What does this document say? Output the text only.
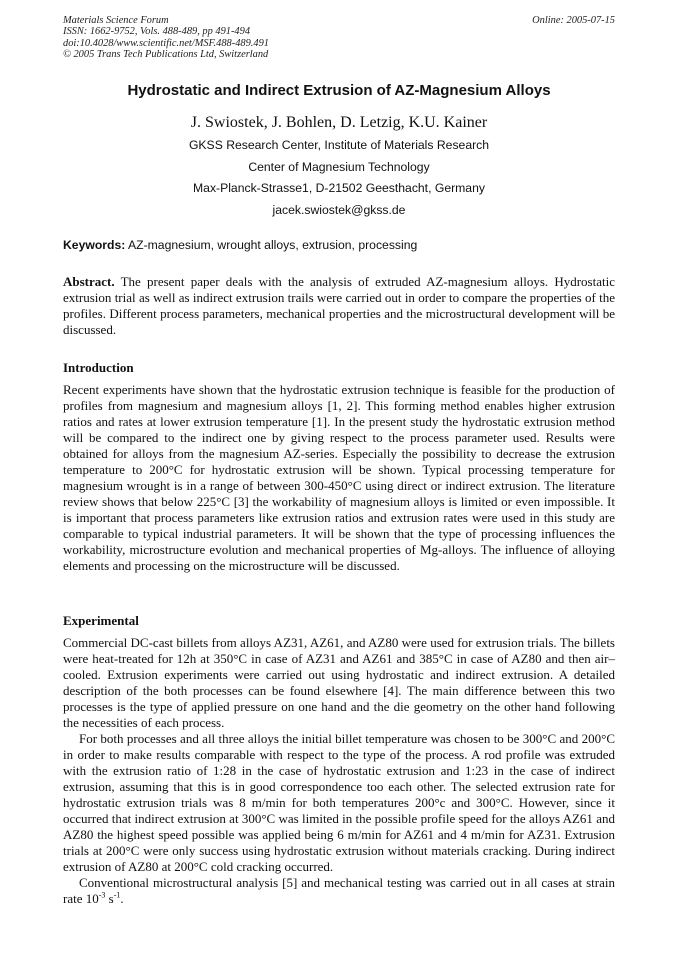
Materials Science Forum
ISSN: 1662-9752, Vols. 488-489, pp 491-494
doi:10.4028/www.scientific.net/MSF.488-489.491
© 2005 Trans Tech Publications Ltd, Switzerland
Online: 2005-07-15
Hydrostatic and Indirect Extrusion of AZ-Magnesium Alloys
J. Swiostek, J. Bohlen, D. Letzig, K.U. Kainer
GKSS Research Center, Institute of Materials Research
Center of Magnesium Technology
Max-Planck-Strasse1, D-21502 Geesthacht, Germany
jacek.swiostek@gkss.de
Keywords: AZ-magnesium, wrought alloys, extrusion, processing

Abstract. The present paper deals with the analysis of extruded AZ-magnesium alloys. Hydrostatic extrusion trial as well as indirect extrusion trails were carried out in order to compare the properties of the profiles. Different process parameters, mechanical properties and the microstructural development will be discussed.

Introduction

Recent experiments have shown that the hydrostatic extrusion technique is feasible for the production of profiles from magnesium and magnesium alloys [1, 2]. This forming method enables higher extrusion ratios and rates at lower extrusion temperature [1]. In the present study the hydrostatic extrusion method will be compared to the indirect one by giving respect to the process parameter used. Results were obtained for alloys from the magnesium AZ-series. Especially the possibility to decrease the extrusion temperature to 200°C for hydrostatic extrusion will be shown. Typical processing temperature for magnesium wrought is in a range of between 300-450°C using direct or indirect extrusion. The literature review shows that below 225°C [3] the workability of magnesium alloys is limited or even impossible. It is important that process parameters like extrusion ratios and extrusion rates were used in this study are comparable to typical industrial parameters. It will be shown that the type of processing influences the workability, microstructure evolution and mechanical properties of Mg-alloys. The influence of alloying elements and processing on the microstructure will be discussed.

Experimental

Commercial DC-cast billets from alloys AZ31, AZ61, and AZ80 were used for extrusion trials. The billets were heat-treated for 12h at 350°C in case of AZ31 and AZ61 and 385°C in case of AZ80 and then air–cooled. Extrusion experiments were carried out using hydrostatic and indirect extrusion. A detailed description of the both processes can be found elsewhere [4]. The main difference between this two processes is the type of applied pressure on one hand and the die geometry on the other hand following the necessities of each process.

For both processes and all three alloys the initial billet temperature was chosen to be 300°C and 200°C in order to make results comparable with respect to the type of the process. A rod profile was extruded with the extrusion ratio of 1:28 in the case of hydrostatic extrusion and 1:23 in the case of indirect extrusion, assuming that this is in good correspondence too each other. The selected extrusion rate for hydrostatic extrusion trials was 8 m/min for both temperatures 200°c and 300°C. However, since it occurred that indirect extrusion at 300°C was limited in the possible profile speed for the alloys AZ61 and AZ80 the highest speed possible was applied being 6 m/min for AZ61 and 4 m/min for AZ31. Extrusion trials at 200°C were only success using hydrostatic extrusion without materials cracking. During indirect extrusion of AZ80 at 200°C cold cracking occurred.

Conventional microstructural analysis [5] and mechanical testing was carried out in all cases at strain rate $10^{-3}$ $s^{-1}$.
